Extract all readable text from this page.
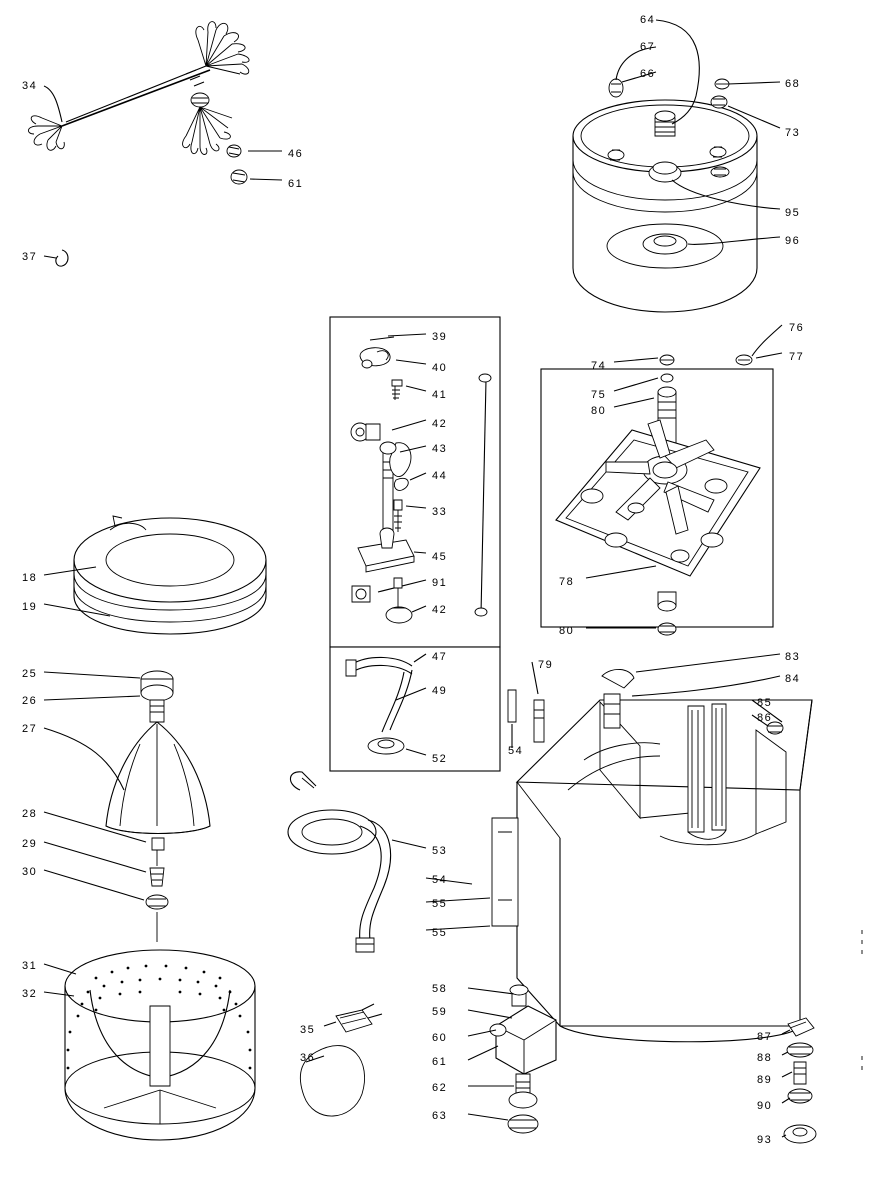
34
46
61
37
64
67
66
68
73
95
96
76
77
74
75
80
78
80
39
40
41
42
43
44
33
45
91
42
47
49
52
18
19
25
26
27
28
29
30
31
32
35
36
53
54
55
55
58
59
60
61
62
63
54
79
83
84
85
86
87
88
89
90
93
